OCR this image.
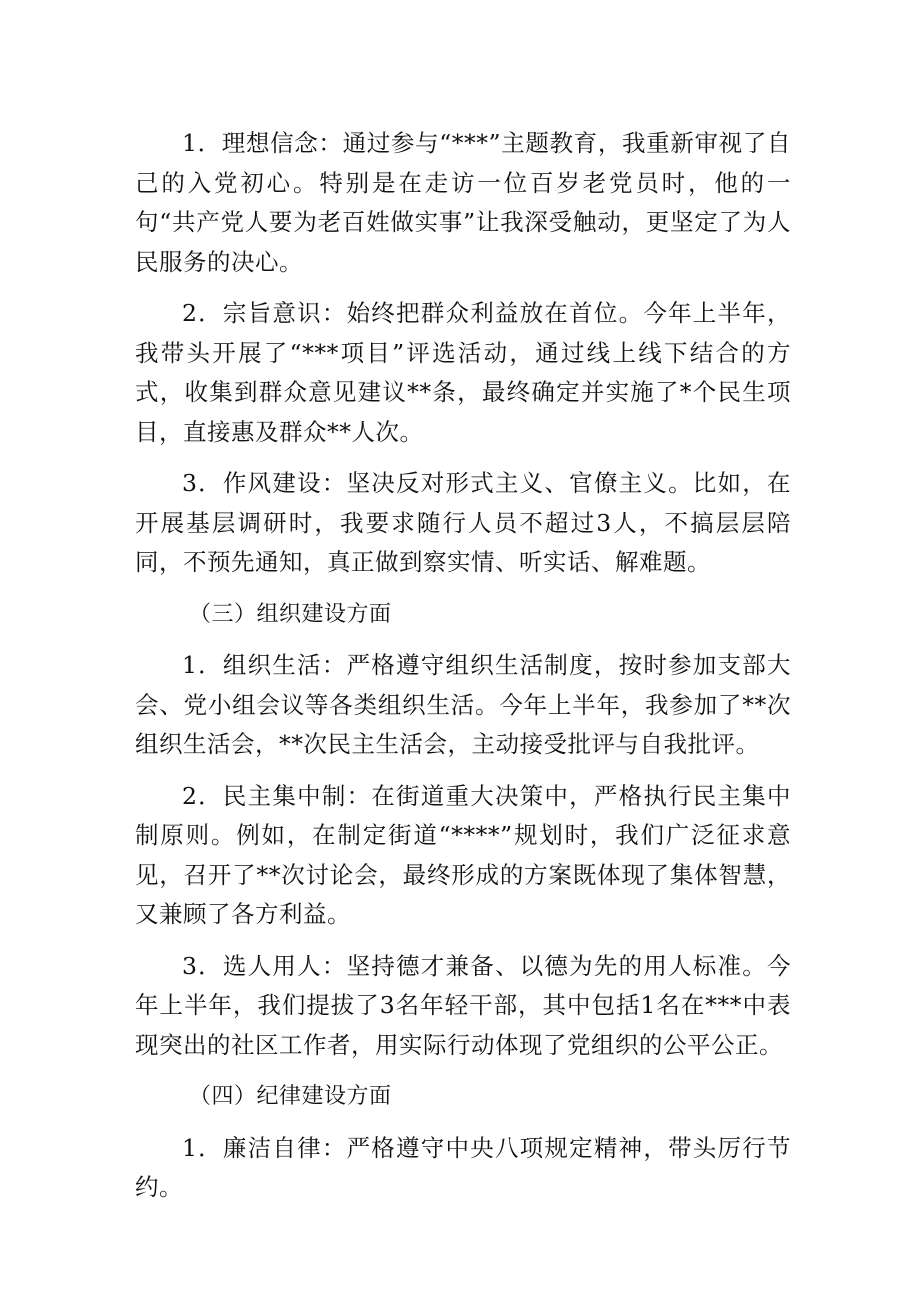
1．理想信念：通过参与“***”主题教育，我重新审视了自己的入党初心。特别是在走访一位百岁老党员时，他的一句“共产党人要为老百姓做实事”让我深受触动，更坚定了为人民服务的决心。

2．宗旨意识：始终把群众利益放在首位。今年上半年，我带头开展了“***项目”评选活动，通过线上线下结合的方式，收集到群众意见建议**条，最终确定并实施了*个民生项目，直接惠及群众**人次。

3．作风建设：坚决反对形式主义、官僚主义。比如，在开展基层调研时，我要求随行人员不超过3人，不搞层层陪同，不预先通知，真正做到察实情、听实话、解难题。

（三）组织建设方面

1．组织生活：严格遵守组织生活制度，按时参加支部大会、党小组会议等各类组织生活。今年上半年，我参加了**次组织生活会，**次民主生活会，主动接受批评与自我批评。

2．民主集中制：在街道重大决策中，严格执行民主集中制原则。例如，在制定街道“****”规划时，我们广泛征求意见，召开了**次讨论会，最终形成的方案既体现了集体智慧，又兼顾了各方利益。

3．选人用人：坚持德才兼备、以德为先的用人标准。今年上半年，我们提拔了3名年轻干部，其中包括1名在***中表现突出的社区工作者，用实际行动体现了党组织的公平公正。

（四）纪律建设方面

1．廉洁自律：严格遵守中央八项规定精神，带头厉行节约。
